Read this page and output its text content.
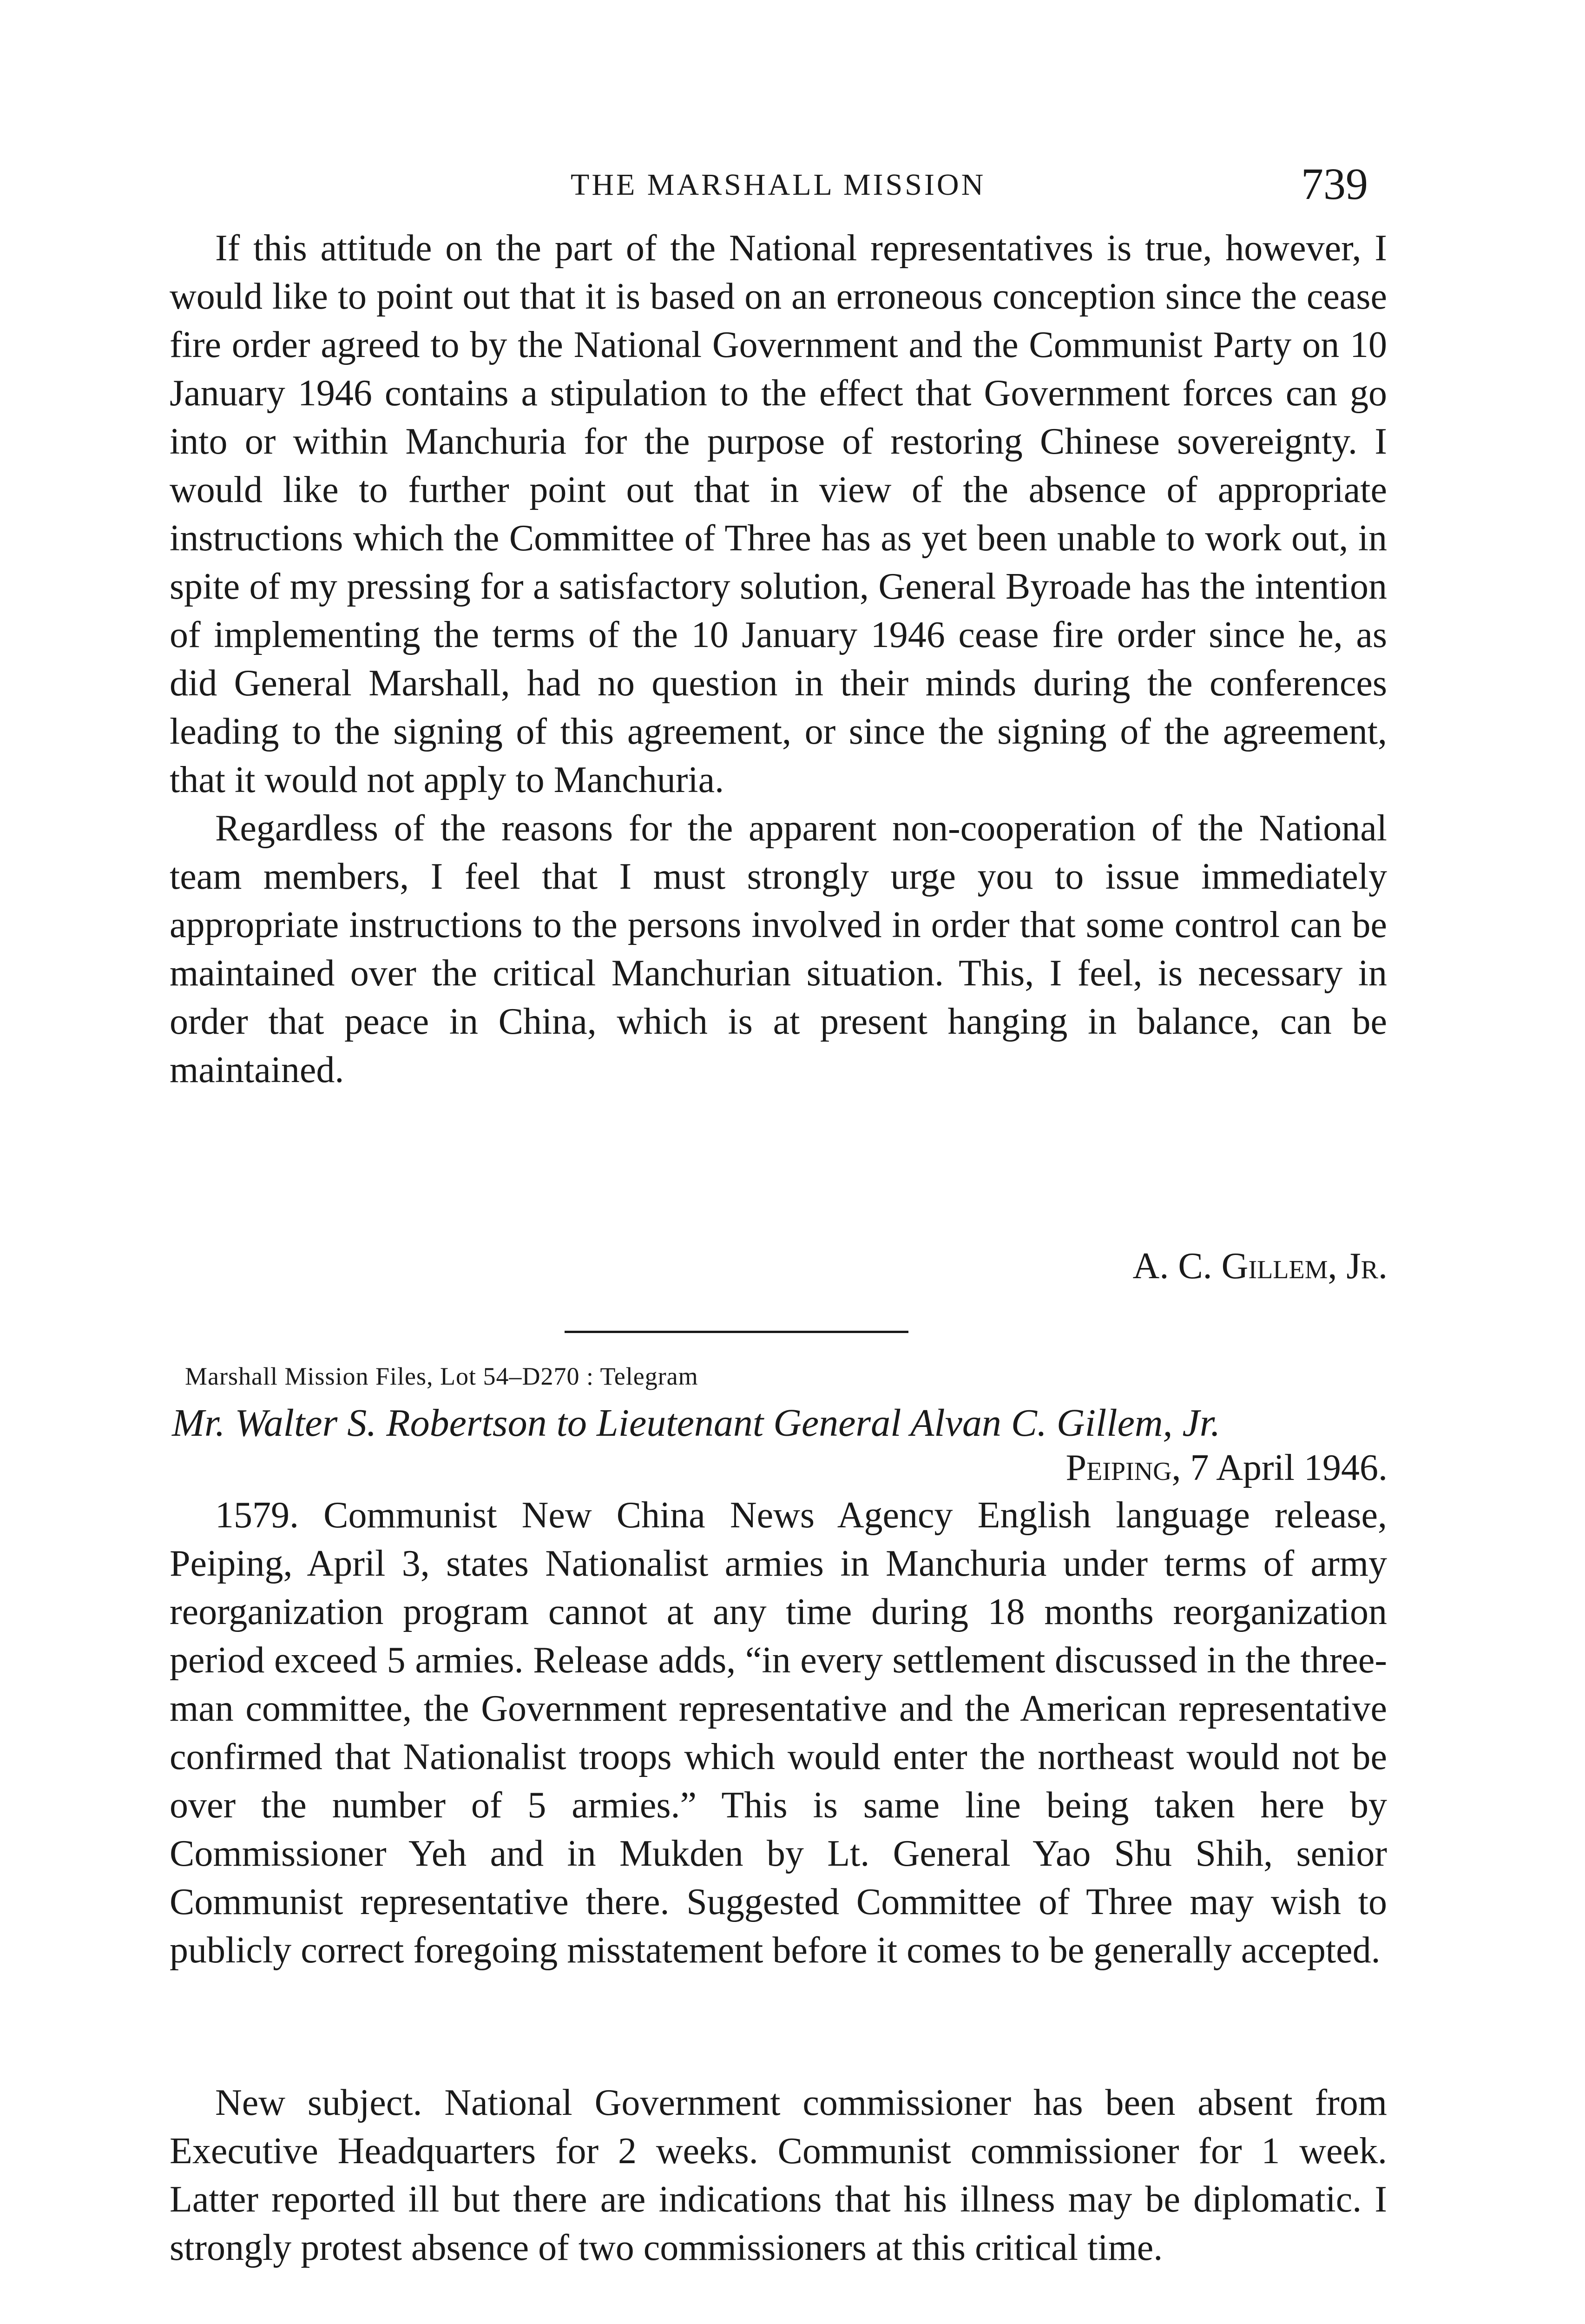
THE MARSHALL MISSION	739

If this attitude on the part of the National representatives is true, however, I would like to point out that it is based on an erroneous conception since the cease fire order agreed to by the National Government and the Communist Party on 10 January 1946 contains a stipulation to the effect that Government forces can go into or within Manchuria for the purpose of restoring Chinese sovereignty. I would like to further point out that in view of the absence of appropriate instructions which the Committee of Three has as yet been unable to work out, in spite of my pressing for a satisfactory solution, General Byroade has the intention of implementing the terms of the 10 January 1946 cease fire order since he, as did General Marshall, had no question in their minds during the conferences leading to the signing of this agreement, or since the signing of the agreement, that it would not apply to Manchuria.

Regardless of the reasons for the apparent non-cooperation of the National team members, I feel that I must strongly urge you to issue immediately appropriate instructions to the persons involved in order that some control can be maintained over the critical Manchurian situation. This, I feel, is necessary in order that peace in China, which is at present hanging in balance, can be maintained.

A. C. Gillem, Jr.
Marshall Mission Files, Lot 54–D270 : Telegram
Mr. Walter S. Robertson to Lieutenant General Alvan C. Gillem, Jr.
Peiping, 7 April 1946.

1579. Communist New China News Agency English language release, Peiping, April 3, states Nationalist armies in Manchuria under terms of army reorganization program cannot at any time during 18 months reorganization period exceed 5 armies. Release adds, “in every settlement discussed in the three-man committee, the Government representative and the American representative confirmed that Nationalist troops which would enter the northeast would not be over the number of 5 armies.” This is same line being taken here by Commissioner Yeh and in Mukden by Lt. General Yao Shu Shih, senior Communist representative there. Suggested Committee of Three may wish to publicly correct foregoing misstatement before it comes to be generally accepted.

New subject. National Government commissioner has been absent from Executive Headquarters for 2 weeks. Communist commissioner for 1 week. Latter reported ill but there are indications that his illness may be diplomatic. I strongly protest absence of two commissioners at this critical time.
